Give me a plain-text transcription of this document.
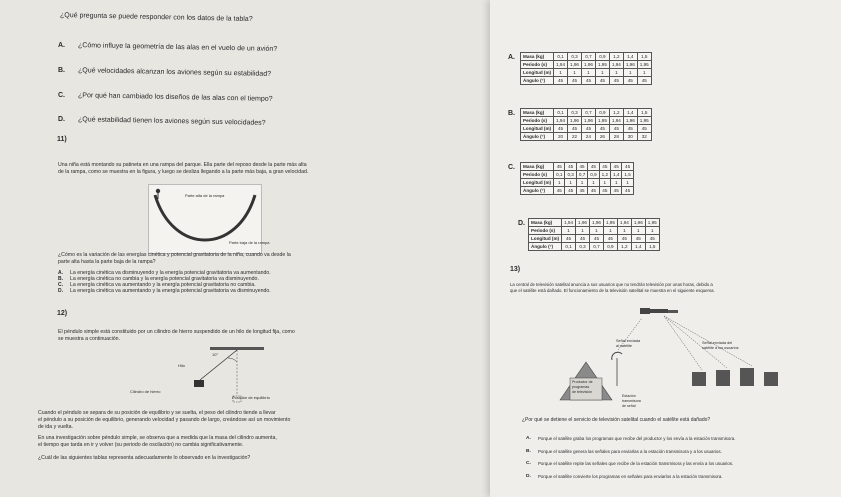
¿Qué pregunta se puede responder con los datos de la tabla?
A. ¿Cómo influye la geometría de las alas en el vuelo de un avión?
B. ¿Qué velocidades alcanzan los aviones según su estabilidad?
C. ¿Por qué han cambiado los diseños de las alas con el tiempo?
D. ¿Qué estabilidad tienen los aviones según sus velocidades?
11)
Una niña está montando su patineta en una rampa del parque. Ella parte del reposo desde la parte más alta
de la rampa, como se muestra en la figura, y luego se desliza llegando a la parte más baja, a gran velocidad.
Parte alta de la rampa
Parte baja de la rampa
¿Cómo es la variación de las energías cinética y potencial gravitatoria de la niña, cuando va desde la
parte alta hasta la parte baja de la rampa?
A. La energía cinética va disminuyendo y la energía potencial gravitatoria va aumentando.
B. La energía cinética no cambia y la energía potencial gravitatoria va disminuyendo.
C. La energía cinética va aumentando y la energía potencial gravitatoria no cambia.
D. La energía cinética va aumentando y la energía potencial gravitatoria va disminuyendo.
12)
El péndulo simple está constituido por un cilindro de hierro suspendido de un hilo de longitud fija, como
se muestra a continuación.
10°
Hilo
Cilindro de hierro
Posición de equilibrio
Cuando el péndulo se separa de su posición de equilibrio y se suelta, el peso del cilindro tiende a llevar
el péndulo a su posición de equilibrio, generando velocidad y pasando de largo, creándose así un movimiento
de ida y vuelta.
En una investigación sobre péndulo simple, se observa que a medida que la masa del cilindro aumenta,
el tiempo que tarda en ir y volver (su periodo de oscilación) no cambia significativamente.
¿Cuál de las siguientes tablas representa adecuadamente lo observado en la investigación?
A. Masa (kg)	0,1	0,3	0,7	0,9	1,2	1,4	1,5
Periodo (s)	1,94	1,96	1,96	1,95	1,94	1,96	1,95
Longitud (m)	1	1	1	1	1	1	1
Ángulo (°)	45	45	45	45	45	45	45
B. Masa (kg)	0,1	0,3	0,7	0,9	1,2	1,4	1,5
Periodo (s)	1,94	1,96	1,96	1,95	1,94	1,96	1,95
Longitud (m)	45	45	45	45	45	45	45
Ángulo (°)	20	22	24	26	28	30	32
C. Masa (kg)	45	45	45	45	45	45	45
Periodo (s)	0,1	0,3	0,7	0,9	1,2	1,4	1,5
Longitud (m)	1	1	1	1	1	1	1
Ángulo (°)	45	45	45	45	45	45	45
D. Masa (kg)	1,94	1,96	1,96	1,95	1,94	1,96	1,95
Periodo (s)	1	1	1	1	1	1	1
Longitud (m)	45	45	45	45	45	45	45
Ángulo (°)	0,1	0,3	0,7	0,9	1,2	1,4	1,5
13)
La central de televisión satelital anuncia a sus usuarios que no tendrán televisión por unas horas, debido a
que el satélite está dañado. El funcionamiento de la televisión satelital se muestra en el siguiente esquema.
Señal enviada
al satélite
Señal enviada del
satélite a los usuarios
Productor de
programas
de televisión
Estación
transmisora
de señal
¿Por qué se detiene el servicio de televisión satelital cuando el satélite está dañado?
A. Porque el satélite graba los programas que recibe del productor y los envía a la estación transmisora.
B. Porque el satélite genera las señales para enviarlas a la estación transmisora y a los usuarios.
C. Porque el satélite repite las señales que recibe de la estación transmisora y las envía a los usuarios.
D. Porque el satélite convierte los programas en señales para enviarlos a la estación transmisora.
